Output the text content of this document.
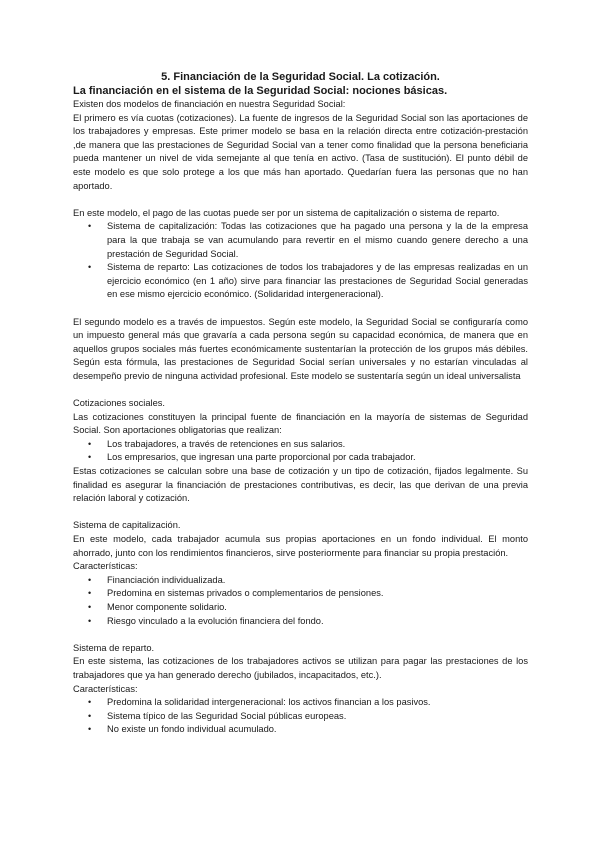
5. Financiación de la Seguridad Social. La cotización.

La financiación en el sistema de la Seguridad Social: nociones básicas.

Existen dos modelos de financiación en nuestra Seguridad Social:

El primero es vía cuotas (cotizaciones). La fuente de ingresos de la Seguridad Social son las aportaciones de los trabajadores y empresas. Este primer modelo se basa en la relación directa entre cotización-prestación ,de manera que las prestaciones de Seguridad Social van a tener como finalidad que la persona beneficiaria pueda mantener un nivel de vida semejante al que tenía en activo. (Tasa de sustitución). El punto débil de este modelo es que solo protege a los que más han aportado. Quedarían fuera las personas que no han aportado.

En este modelo, el pago de las cuotas puede ser por un sistema de capitalización o sistema de reparto.

• Sistema de capitalización: Todas las cotizaciones que ha pagado una persona y la de la empresa para la que trabaja se van acumulando para revertir en el mismo cuando genere derecho a una prestación de Seguridad Social.
• Sistema de reparto: Las cotizaciones de todos los trabajadores y de las empresas realizadas en un ejercicio económico (en 1 año) sirve para financiar las prestaciones de Seguridad Social generadas en ese mismo ejercicio económico. (Solidaridad intergeneracional).

El segundo modelo es a través de impuestos. Según este modelo, la Seguridad Social se configuraría como un impuesto general más que gravaría a cada persona según su capacidad económica, de manera que en aquellos grupos sociales más fuertes económicamente sustentarían la protección de los grupos más débiles. Según esta fórmula, las prestaciones de Seguridad Social serían universales y no estarían vinculadas al desempeño previo de ninguna actividad profesional. Este modelo se sustentaría según un ideal universalista

Cotizaciones sociales.

Las cotizaciones constituyen la principal fuente de financiación en la mayoría de sistemas de Seguridad Social. Son aportaciones obligatorias que realizan:

• Los trabajadores, a través de retenciones en sus salarios.
• Los empresarios, que ingresan una parte proporcional por cada trabajador.

Estas cotizaciones se calculan sobre una base de cotización y un tipo de cotización, fijados legalmente. Su finalidad es asegurar la financiación de prestaciones contributivas, es decir, las que derivan de una previa relación laboral y cotización.

Sistema de capitalización.

En este modelo, cada trabajador acumula sus propias aportaciones en un fondo individual. El monto ahorrado, junto con los rendimientos financieros, sirve posteriormente para financiar su propia prestación.

Características:

• Financiación individualizada.
• Predomina en sistemas privados o complementarios de pensiones.
• Menor componente solidario.
• Riesgo vinculado a la evolución financiera del fondo.

Sistema de reparto.

En este sistema, las cotizaciones de los trabajadores activos se utilizan para pagar las prestaciones de los trabajadores que ya han generado derecho (jubilados, incapacitados, etc.).

Características:

• Predomina la solidaridad intergeneracional: los activos financian a los pasivos.
• Sistema típico de las Seguridad Social públicas europeas.
• No existe un fondo individual acumulado.
